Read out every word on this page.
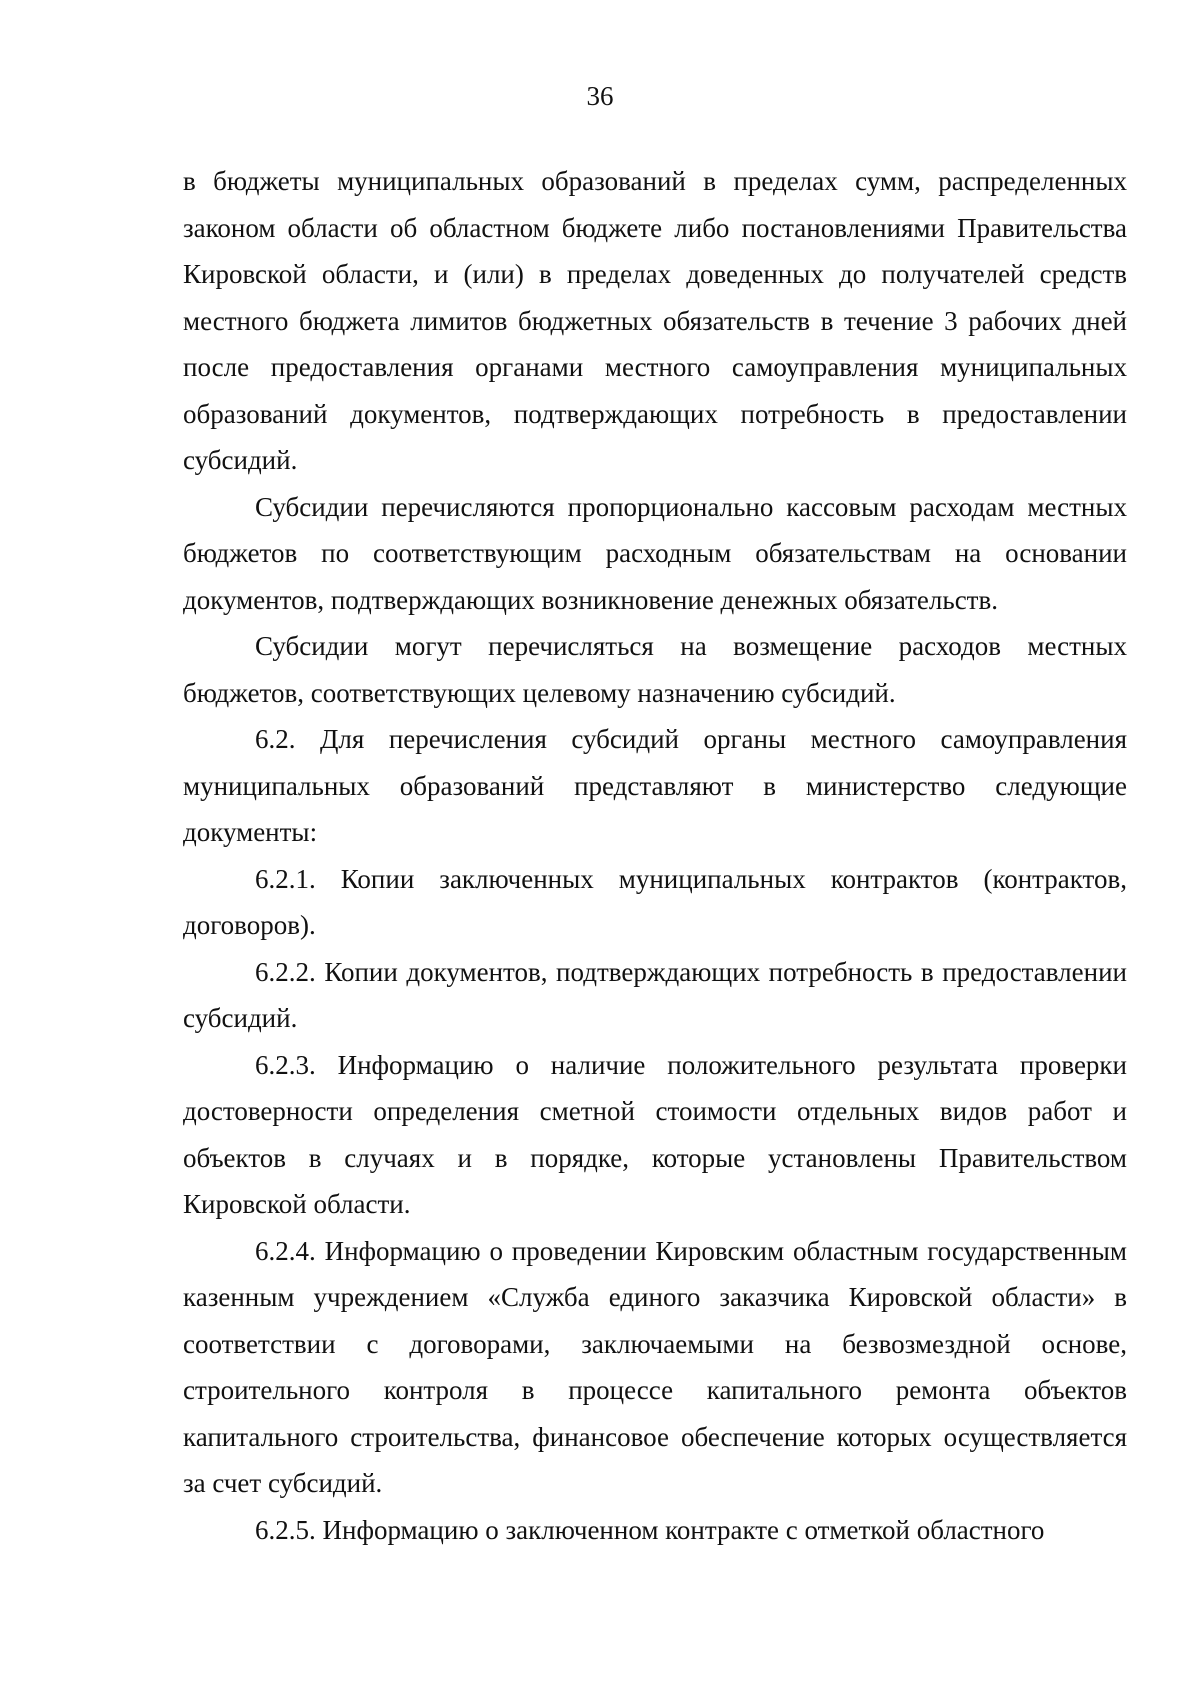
36

в бюджеты муниципальных образований в пределах сумм, распределенных законом области об областном бюджете либо постановлениями Правительства Кировской области, и (или) в пределах доведенных до получателей средств местного бюджета лимитов бюджетных обязательств в течение 3 рабочих дней после предоставления органами местного самоуправления муниципальных образований документов, подтверждающих потребность в предоставлении субсидий.

Субсидии перечисляются пропорционально кассовым расходам местных бюджетов по соответствующим расходным обязательствам на основании документов, подтверждающих возникновение денежных обязательств.

Субсидии могут перечисляться на возмещение расходов местных бюджетов, соответствующих целевому назначению субсидий.

6.2. Для перечисления субсидий органы местного самоуправления муниципальных образований представляют в министерство следующие документы:

6.2.1. Копии заключенных муниципальных контрактов (контрактов, договоров).

6.2.2. Копии документов, подтверждающих потребность в предоставлении субсидий.

6.2.3. Информацию о наличие положительного результата проверки достоверности определения сметной стоимости отдельных видов работ и объектов в случаях и в порядке, которые установлены Правительством Кировской области.

6.2.4. Информацию о проведении Кировским областным государственным казенным учреждением «Служба единого заказчика Кировской области» в соответствии с договорами, заключаемыми на безвозмездной основе, строительного контроля в процессе капитального ремонта объектов капитального строительства, финансовое обеспечение которых осуществляется за счет субсидий.

6.2.5. Информацию о заключенном контракте с отметкой областного
